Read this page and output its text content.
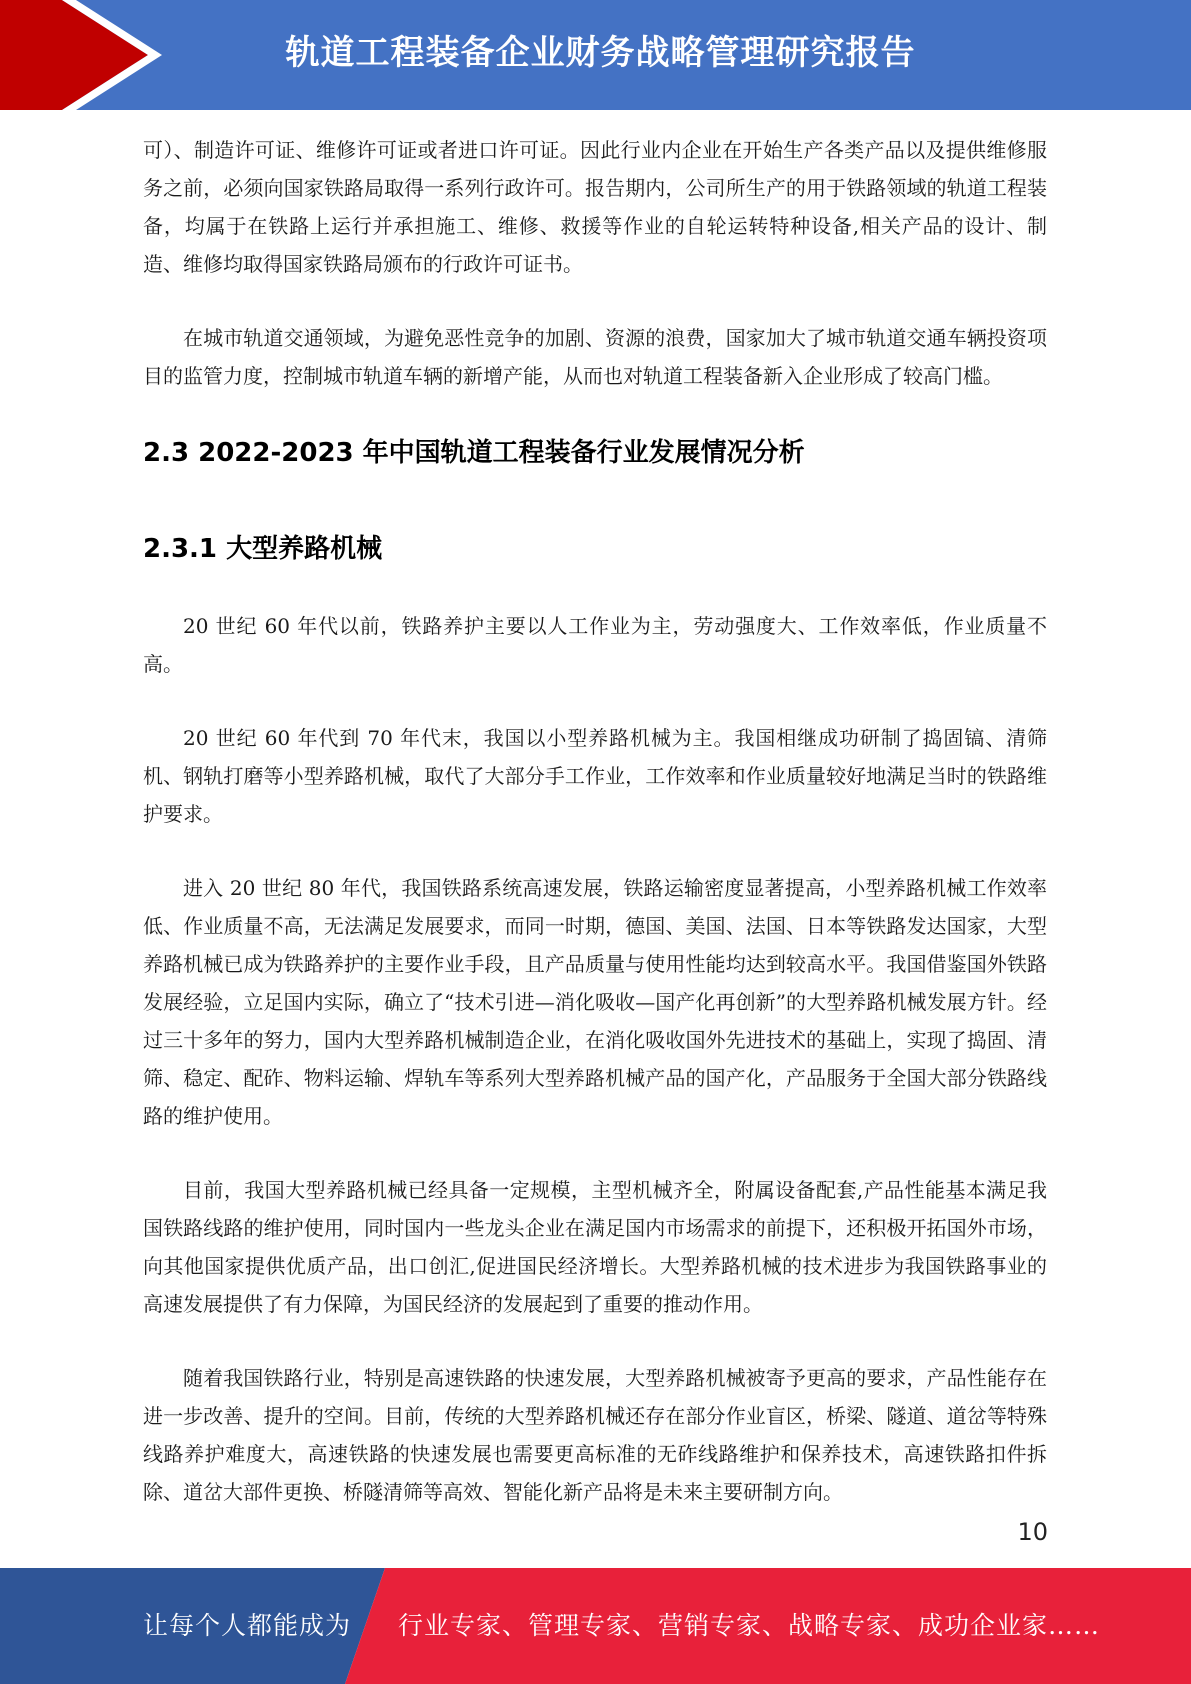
轨道工程装备企业财务战略管理研究报告

可）、制造许可证、维修许可证或者进口许可证。因此行业内企业在开始生产各类产品以及提供维修服务之前，必须向国家铁路局取得一系列行政许可。报告期内，公司所生产的用于铁路领域的轨道工程装备，均属于在铁路上运行并承担施工、维修、救援等作业的自轮运转特种设备,相关产品的设计、制造、维修均取得国家铁路局颁布的行政许可证书。

在城市轨道交通领域，为避免恶性竞争的加剧、资源的浪费，国家加大了城市轨道交通车辆投资项目的监管力度，控制城市轨道车辆的新增产能，从而也对轨道工程装备新入企业形成了较高门槛。

2.3 2022-2023 年中国轨道工程装备行业发展情况分析
2.3.1 大型养路机械

20 世纪 60 年代以前，铁路养护主要以人工作业为主，劳动强度大、工作效率低，作业质量不高。

20 世纪 60 年代到 70 年代末，我国以小型养路机械为主。我国相继成功研制了捣固镐、清筛机、钢轨打磨等小型养路机械，取代了大部分手工作业，工作效率和作业质量较好地满足当时的铁路维护要求。

进入 20 世纪 80 年代，我国铁路系统高速发展，铁路运输密度显著提高，小型养路机械工作效率低、作业质量不高，无法满足发展要求，而同一时期，德国、美国、法国、日本等铁路发达国家，大型养路机械已成为铁路养护的主要作业手段，且产品质量与使用性能均达到较高水平。我国借鉴国外铁路发展经验，立足国内实际，确立了“技术引进—消化吸收—国产化再创新”的大型养路机械发展方针。经过三十多年的努力，国内大型养路机械制造企业，在消化吸收国外先进技术的基础上，实现了捣固、清筛、稳定、配砟、物料运输、焊轨车等系列大型养路机械产品的国产化，产品服务于全国大部分铁路线路的维护使用。

目前，我国大型养路机械已经具备一定规模，主型机械齐全，附属设备配套,产品性能基本满足我国铁路线路的维护使用，同时国内一些龙头企业在满足国内市场需求的前提下，还积极开拓国外市场，向其他国家提供优质产品，出口创汇,促进国民经济增长。大型养路机械的技术进步为我国铁路事业的高速发展提供了有力保障，为国民经济的发展起到了重要的推动作用。

随着我国铁路行业，特别是高速铁路的快速发展，大型养路机械被寄予更高的要求，产品性能存在进一步改善、提升的空间。目前，传统的大型养路机械还存在部分作业盲区，桥梁、隧道、道岔等特殊线路养护难度大，高速铁路的快速发展也需要更高标准的无砟线路维护和保养技术，高速铁路扣件拆除、道岔大部件更换、桥隧清筛等高效、智能化新产品将是未来主要研制方向。

10
让每个人都能成为 行业专家、管理专家、营销专家、战略专家、成功企业家……
